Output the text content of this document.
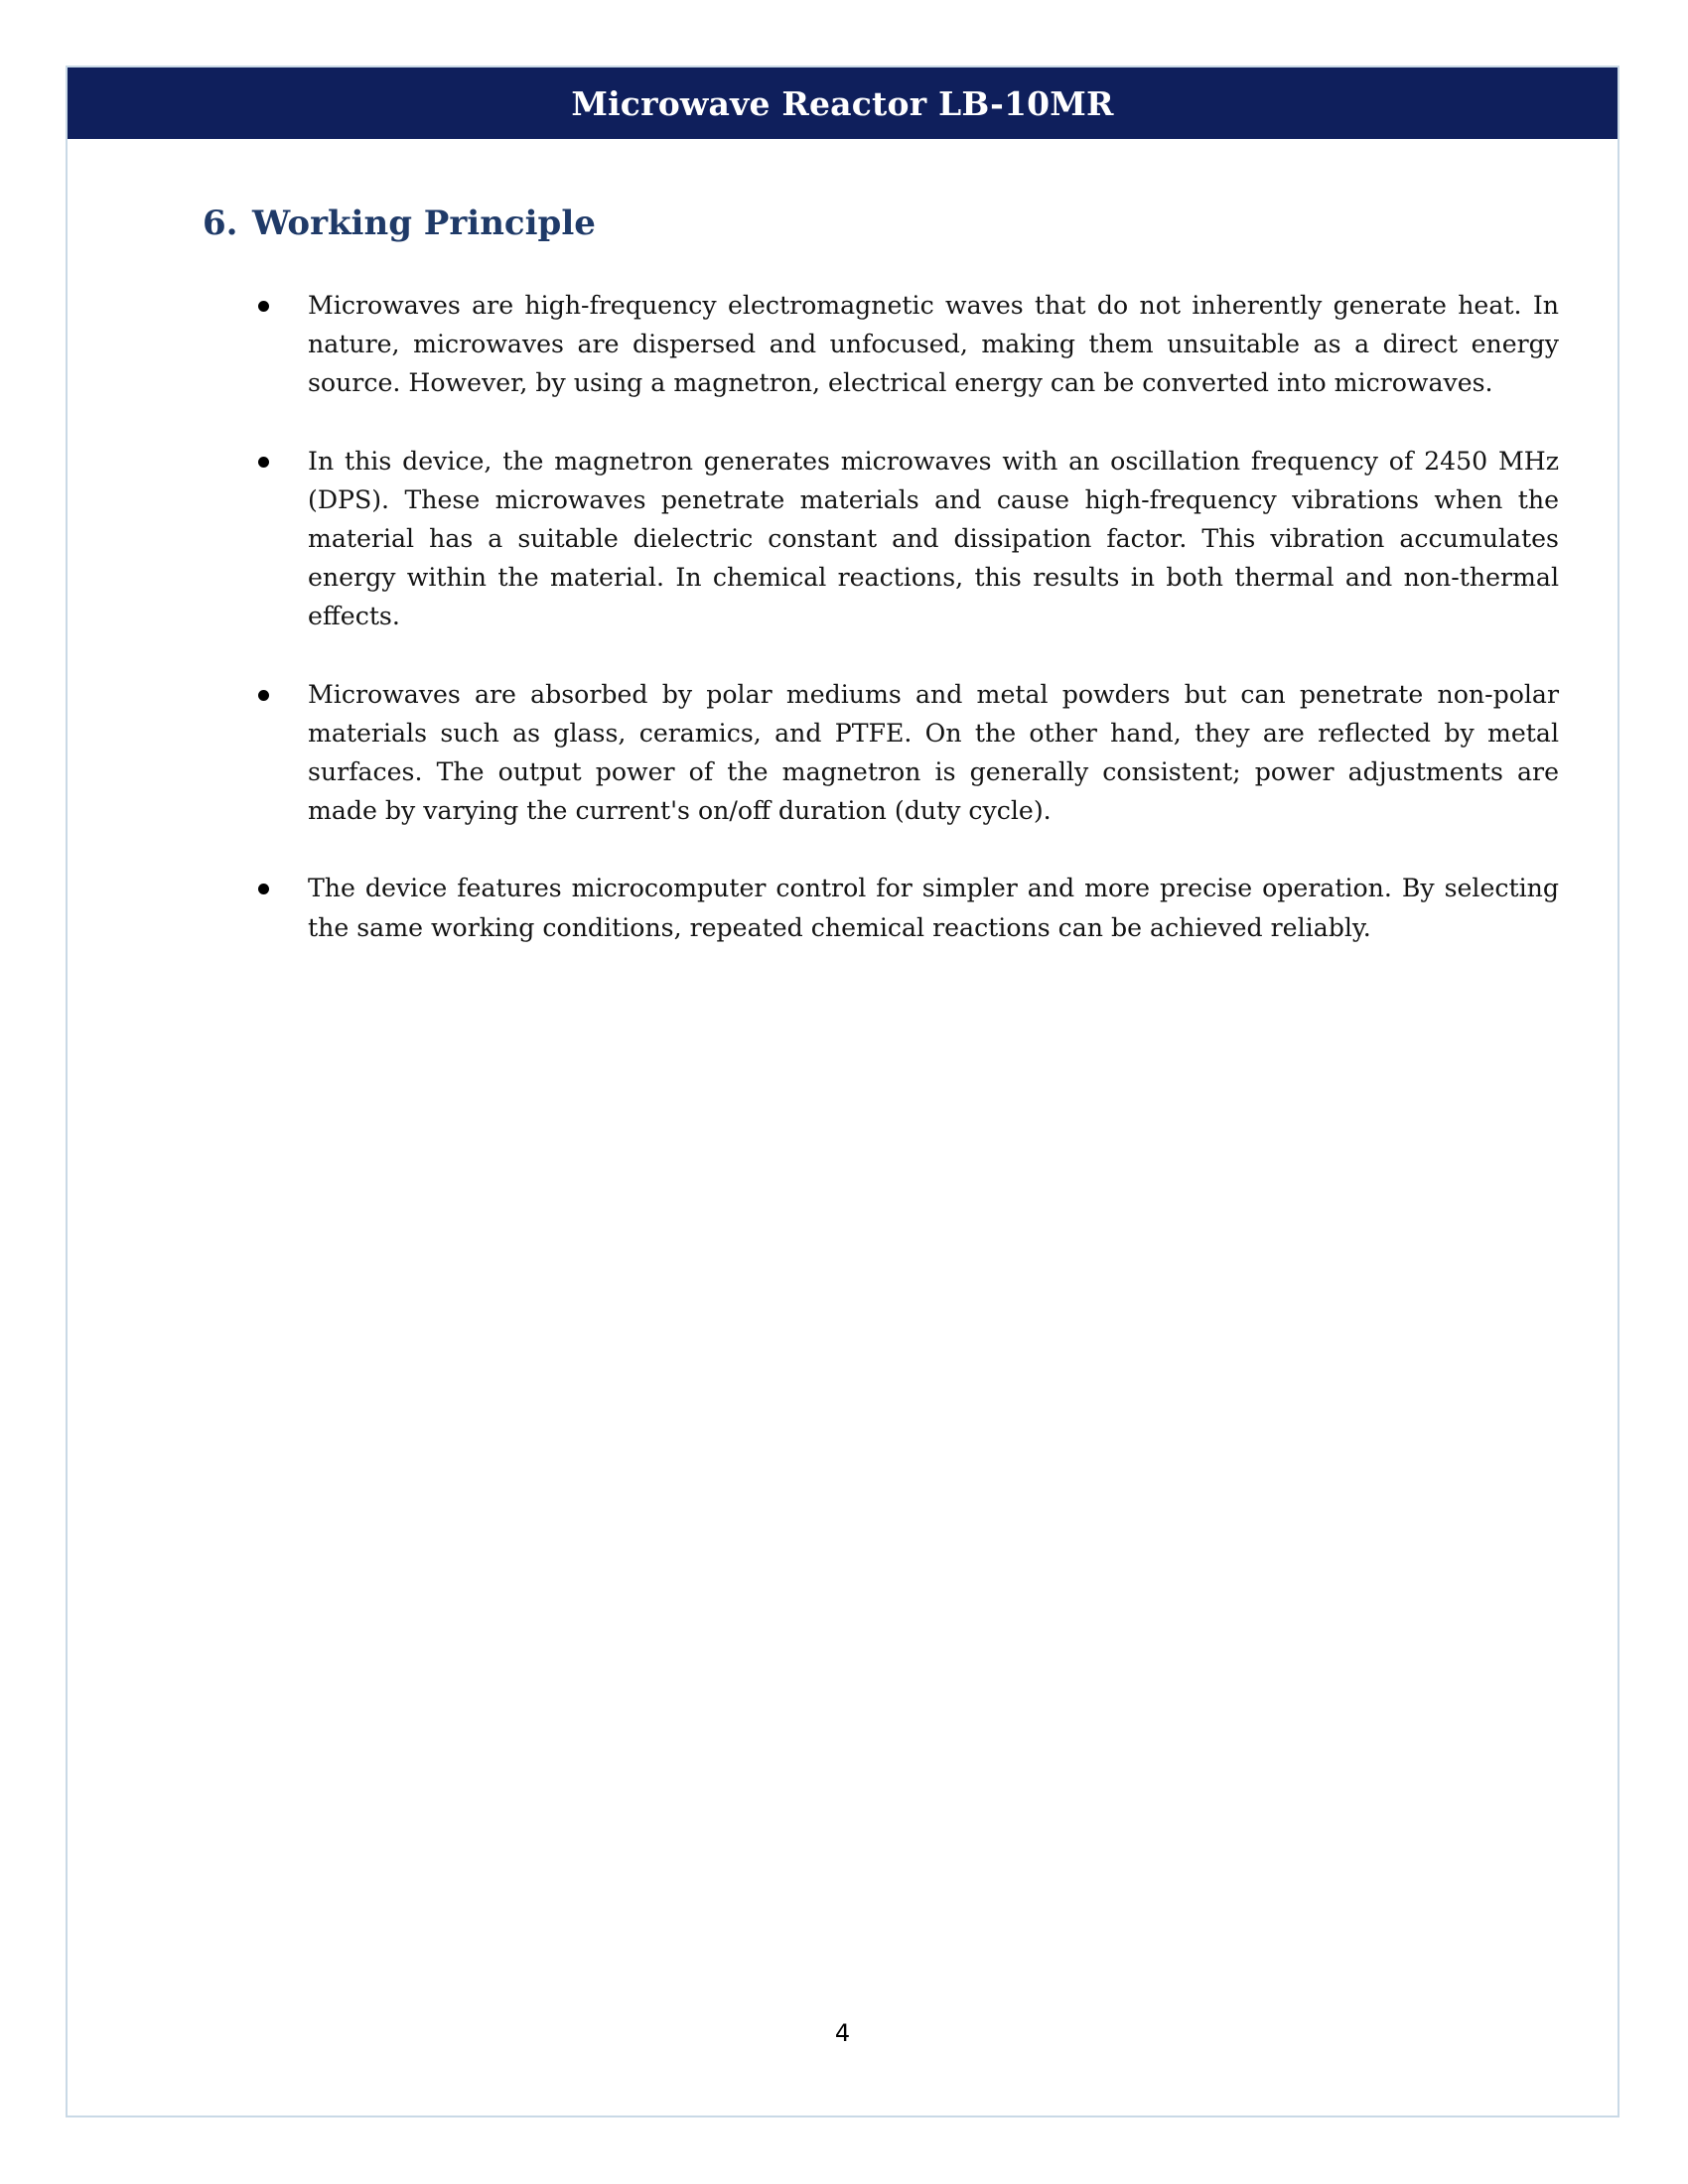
Microwave Reactor LB-10MR
6. Working Principle
Microwaves are high-frequency electromagnetic waves that do not inherently generate heat. In nature, microwaves are dispersed and unfocused, making them unsuitable as a direct energy source. However, by using a magnetron, electrical energy can be converted into microwaves.
In this device, the magnetron generates microwaves with an oscillation frequency of 2450 MHz (DPS). These microwaves penetrate materials and cause high-frequency vibrations when the material has a suitable dielectric constant and dissipation factor. This vibration accumulates energy within the material. In chemical reactions, this results in both thermal and non-thermal effects.
Microwaves are absorbed by polar mediums and metal powders but can penetrate non-polar materials such as glass, ceramics, and PTFE. On the other hand, they are reflected by metal surfaces. The output power of the magnetron is generally consistent; power adjustments are made by varying the current's on/off duration (duty cycle).
The device features microcomputer control for simpler and more precise operation. By selecting the same working conditions, repeated chemical reactions can be achieved reliably.
4
